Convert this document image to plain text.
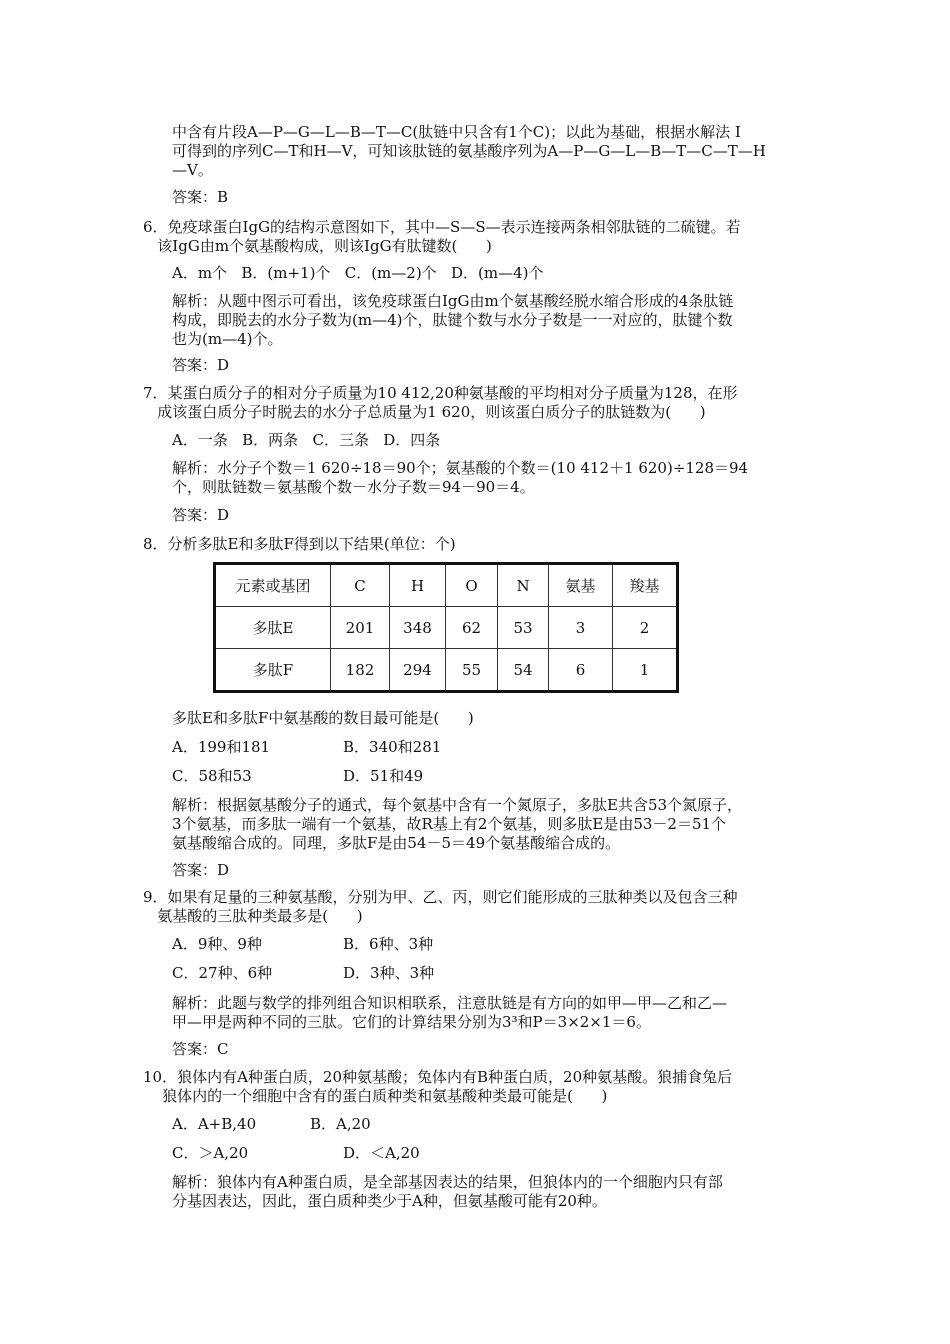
中含有片段A—P—G—L—B—T—C(肽链中只含有1个C)；以此为基础，根据水解法 I

可得到的序列C—T和H—V，可知该肽链的氨基酸序列为A—P—G—L—B—T—C—T—H

—V。

答案：B

6．免疫球蛋白IgG的结构示意图如下，其中—S—S—表示连接两条相邻肽链的二硫键。若

该IgG由m个氨基酸构成，则该IgG有肽键数(      )

A．m个   B．(m+1)个   C．(m—2)个   D．(m—4)个

解析：从题中图示可看出，该免疫球蛋白IgG由m个氨基酸经脱水缩合形成的4条肽链

构成，即脱去的水分子数为(m—4)个，肽键个数与水分子数是一一对应的，肽键个数

也为(m—4)个。

答案：D

7．某蛋白质分子的相对分子质量为10 412,20种氨基酸的平均相对分子质量为128，在形

成该蛋白质分子时脱去的水分子总质量为1 620，则该蛋白质分子的肽链数为(      )

A．一条   B．两条   C．三条   D．四条

解析：水分子个数＝1 620÷18＝90个；氨基酸的个数＝(10 412＋1 620)÷128＝94

个，则肽链数＝氨基酸个数－水分子数＝94－90＝4。

答案：D

8．分析多肽E和多肽F得到以下结果(单位：个)

元素或基团	C	H	O	N	氨基	羧基
多肽E	201	348	62	53	3	2
多肽F	182	294	55	54	6	1

多肽E和多肽F中氨基酸的数目最可能是(      )

A．199和181	B．340和281

C．58和53	D．51和49

解析：根据氨基酸分子的通式，每个氨基中含有一个氮原子，多肽E共含53个氮原子，

3个氨基，而多肽一端有一个氨基，故R基上有2个氨基，则多肽E是由53－2＝51个

氨基酸缩合成的。同理，多肽F是由54－5＝49个氨基酸缩合成的。

答案：D

9．如果有足量的三种氨基酸，分别为甲、乙、丙，则它们能形成的三肽种类以及包含三种

氨基酸的三肽种类最多是(      )

A．9种、9种	B．6种、3种

C．27种、6种	D．3种、3种

解析：此题与数学的排列组合知识相联系，注意肽链是有方向的如甲—甲—乙和乙—

甲—甲是两种不同的三肽。它们的计算结果分别为3³和P＝3×2×1＝6。

答案：C

10．狼体内有A种蛋白质，20种氨基酸；兔体内有B种蛋白质，20种氨基酸。狼捕食兔后

狼体内的一个细胞中含有的蛋白质种类和氨基酸种类最可能是(      )

A．A+B,40	B．A,20

C．＞A,20	D．＜A,20

解析：狼体内有A种蛋白质，是全部基因表达的结果，但狼体内的一个细胞内只有部

分基因表达，因此，蛋白质种类少于A种，但氨基酸可能有20种。
